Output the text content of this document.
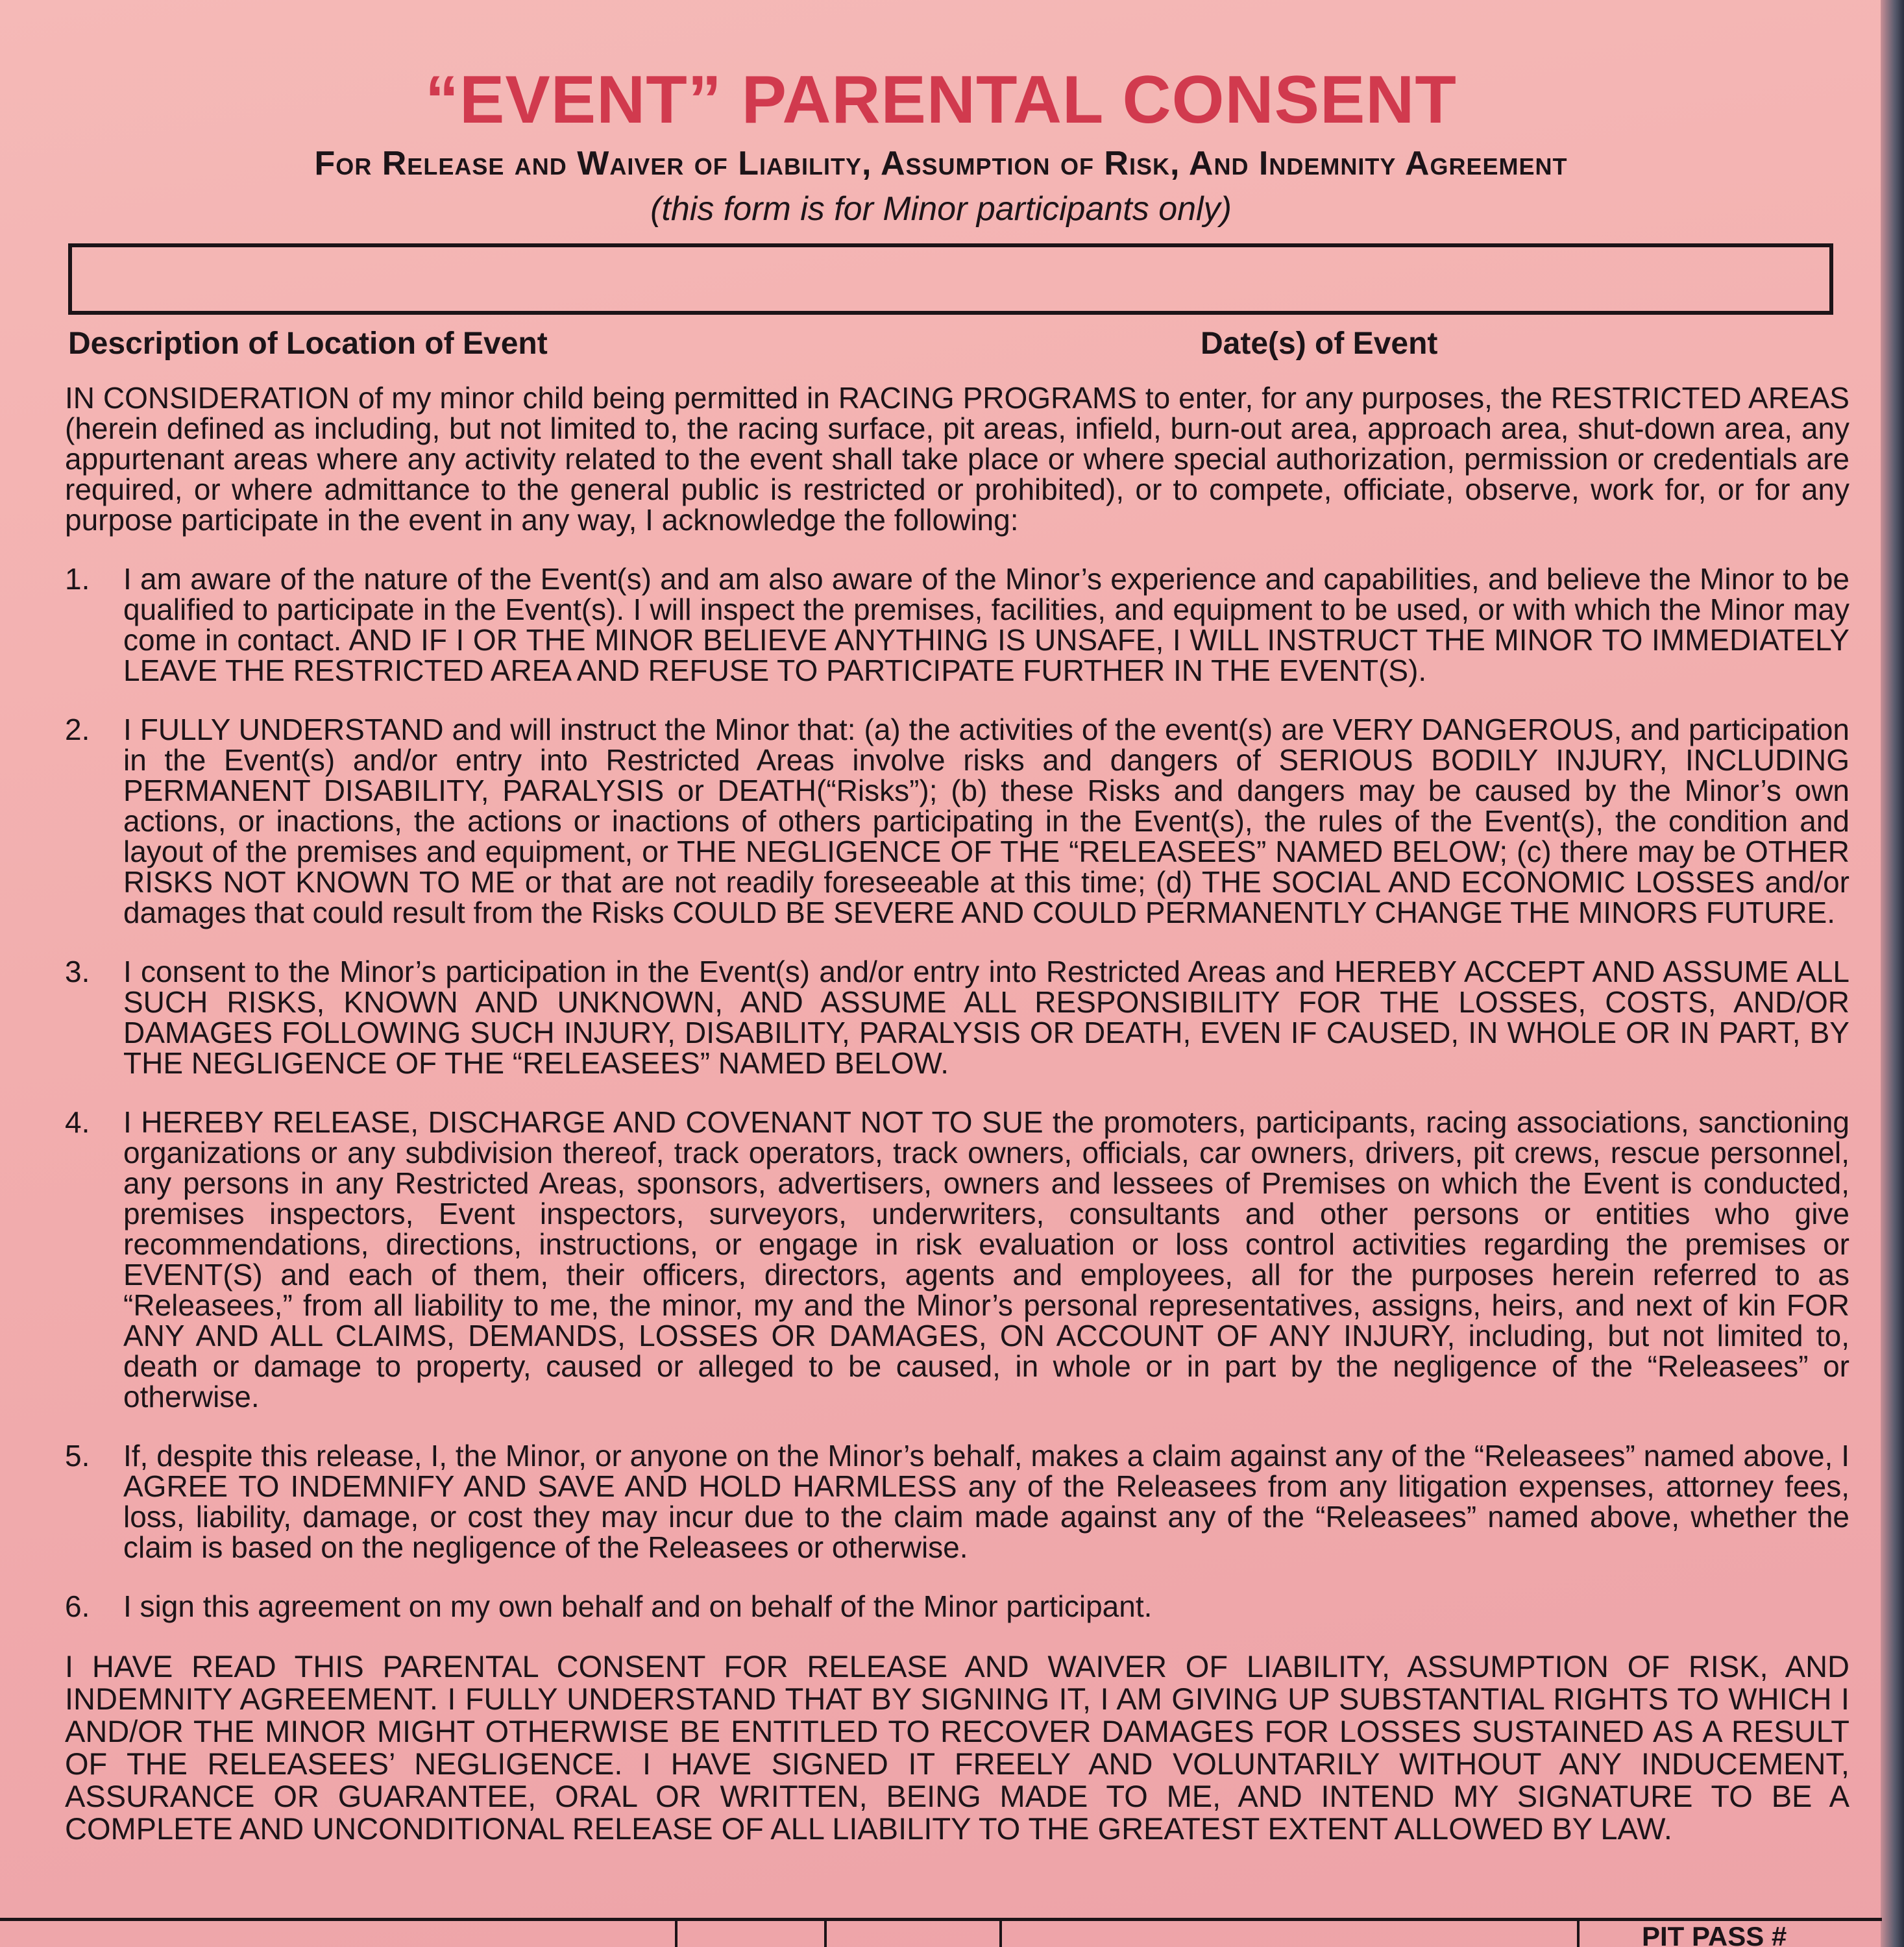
“EVENT” PARENTAL CONSENT
For Release and Waiver of Liability, Assumption of Risk, And Indemnity Agreement
(this form is for Minor participants only)
Description of Location of Event	Date(s) of Event

IN CONSIDERATION of my minor child being permitted in RACING PROGRAMS to enter, for any purposes, the RESTRICTED AREAS (herein defined as including, but not limited to, the racing surface, pit areas, infield, burn-out area, approach area, shut-down area, any appurtenant areas where any activity related to the event shall take place or where special authorization, permission or credentials are required, or where admittance to the general public is restricted or prohibited), or to compete, officiate, observe, work for, or for any purpose participate in the event in any way, I acknowledge the following:

1.	I am aware of the nature of the Event(s) and am also aware of the Minor’s experience and capabilities, and believe the Minor to be qualified to participate in the Event(s). I will inspect the premises, facilities, and equipment to be used, or with which the Minor may come in contact. AND IF I OR THE MINOR BELIEVE ANYTHING IS UNSAFE, I WILL INSTRUCT THE MINOR TO IMMEDIATELY LEAVE THE RESTRICTED AREA AND REFUSE TO PARTICIPATE FURTHER IN THE EVENT(S).
2.	I FULLY UNDERSTAND and will instruct the Minor that: (a) the activities of the event(s) are VERY DANGEROUS, and participation in the Event(s) and/or entry into Restricted Areas involve risks and dangers of SERIOUS BODILY INJURY, INCLUDING PERMANENT DISABILITY, PARALYSIS or DEATH(“Risks”); (b) these Risks and dangers may be caused by the Minor’s own actions, or inactions, the actions or inactions of others participating in the Event(s), the rules of the Event(s), the condition and layout of the premises and equipment, or THE NEGLIGENCE OF THE “RELEASEES” NAMED BELOW; (c) there may be OTHER RISKS NOT KNOWN TO ME or that are not readily foreseeable at this time; (d) THE SOCIAL AND ECONOMIC LOSSES and/or damages that could result from the Risks COULD BE SEVERE AND COULD PERMANENTLY CHANGE THE MINORS FUTURE.
3.	I consent to the Minor’s participation in the Event(s) and/or entry into Restricted Areas and HEREBY ACCEPT AND ASSUME ALL SUCH RISKS, KNOWN AND UNKNOWN, AND ASSUME ALL RESPONSIBILITY FOR THE LOSSES, COSTS, AND/OR DAMAGES FOLLOWING SUCH INJURY, DISABILITY, PARALYSIS OR DEATH, EVEN IF CAUSED, IN WHOLE OR IN PART, BY THE NEGLIGENCE OF THE “RELEASEES” NAMED BELOW.
4.	I HEREBY RELEASE, DISCHARGE AND COVENANT NOT TO SUE the promoters, participants, racing associations, sanctioning organizations or any subdivision thereof, track operators, track owners, officials, car owners, drivers, pit crews, rescue personnel, any persons in any Restricted Areas, sponsors, advertisers, owners and lessees of Premises on which the Event is conducted, premises inspectors, Event inspectors, surveyors, underwriters, consultants and other persons or entities who give recommendations, directions, instructions, or engage in risk evaluation or loss control activities regarding the premises or EVENT(S) and each of them, their officers, directors, agents and employees, all for the purposes herein referred to as “Releasees,” from all liability to me, the minor, my and the Minor’s personal representatives, assigns, heirs, and next of kin FOR ANY AND ALL CLAIMS, DEMANDS, LOSSES OR DAMAGES, ON ACCOUNT OF ANY INJURY, including, but not limited to, death or damage to property, caused or alleged to be caused, in whole or in part by the negligence of the “Releasees” or otherwise.
5.	If, despite this release, I, the Minor, or anyone on the Minor’s behalf, makes a claim against any of the “Releasees” named above, I AGREE TO INDEMNIFY AND SAVE AND HOLD HARMLESS any of the Releasees from any litigation expenses, attorney fees, loss, liability, damage, or cost they may incur due to the claim made against any of the “Releasees” named above, whether the claim is based on the negligence of the Releasees or otherwise.
6.	I sign this agreement on my own behalf and on behalf of the Minor participant.

I HAVE READ THIS PARENTAL CONSENT FOR RELEASE AND WAIVER OF LIABILITY, ASSUMPTION OF RISK, AND INDEMNITY AGREEMENT. I FULLY UNDERSTAND THAT BY SIGNING IT, I AM GIVING UP SUBSTANTIAL RIGHTS TO WHICH I AND/OR THE MINOR MIGHT OTHERWISE BE ENTITLED TO RECOVER DAMAGES FOR LOSSES SUSTAINED AS A RESULT OF THE RELEASEES’ NEGLIGENCE. I HAVE SIGNED IT FREELY AND VOLUNTARILY WITHOUT ANY INDUCEMENT, ASSURANCE OR GUARANTEE, ORAL OR WRITTEN, BEING MADE TO ME, AND INTEND MY SIGNATURE TO BE A COMPLETE AND UNCONDITIONAL RELEASE OF ALL LIABILITY TO THE GREATEST EXTENT ALLOWED BY LAW.

PIT PASS #
